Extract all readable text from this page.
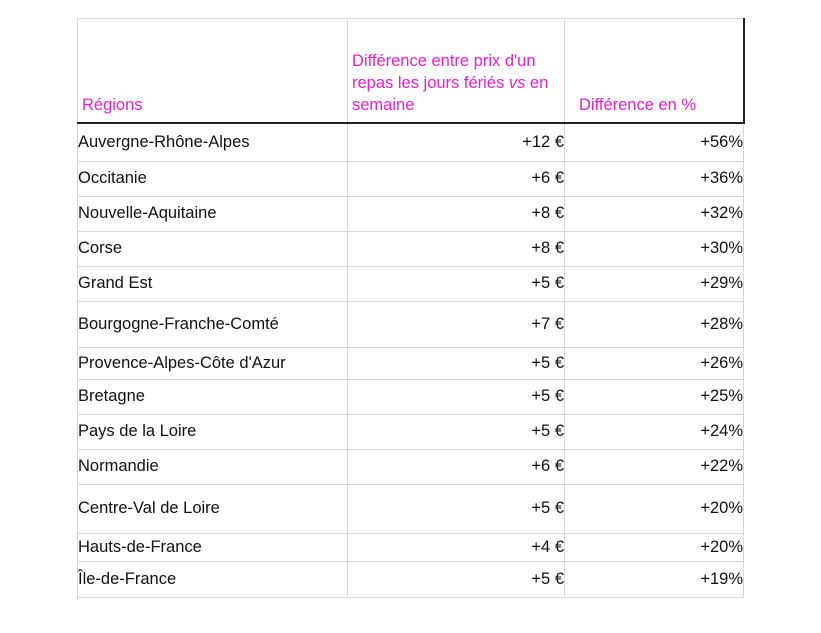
Régions	Différence entre prix d'un repas les jours fériés vs en semaine	Différence en %
Auvergne-Rhône-Alpes	+12 €	+56%
Occitanie	+6 €	+36%
Nouvelle-Aquitaine	+8 €	+32%
Corse	+8 €	+30%
Grand Est	+5 €	+29%
Bourgogne-Franche-Comté	+7 €	+28%
Provence-Alpes-Côte d'Azur	+5 €	+26%
Bretagne	+5 €	+25%
Pays de la Loire	+5 €	+24%
Normandie	+6 €	+22%
Centre-Val de Loire	+5 €	+20%
Hauts-de-France	+4 €	+20%
Île-de-France	+5 €	+19%
